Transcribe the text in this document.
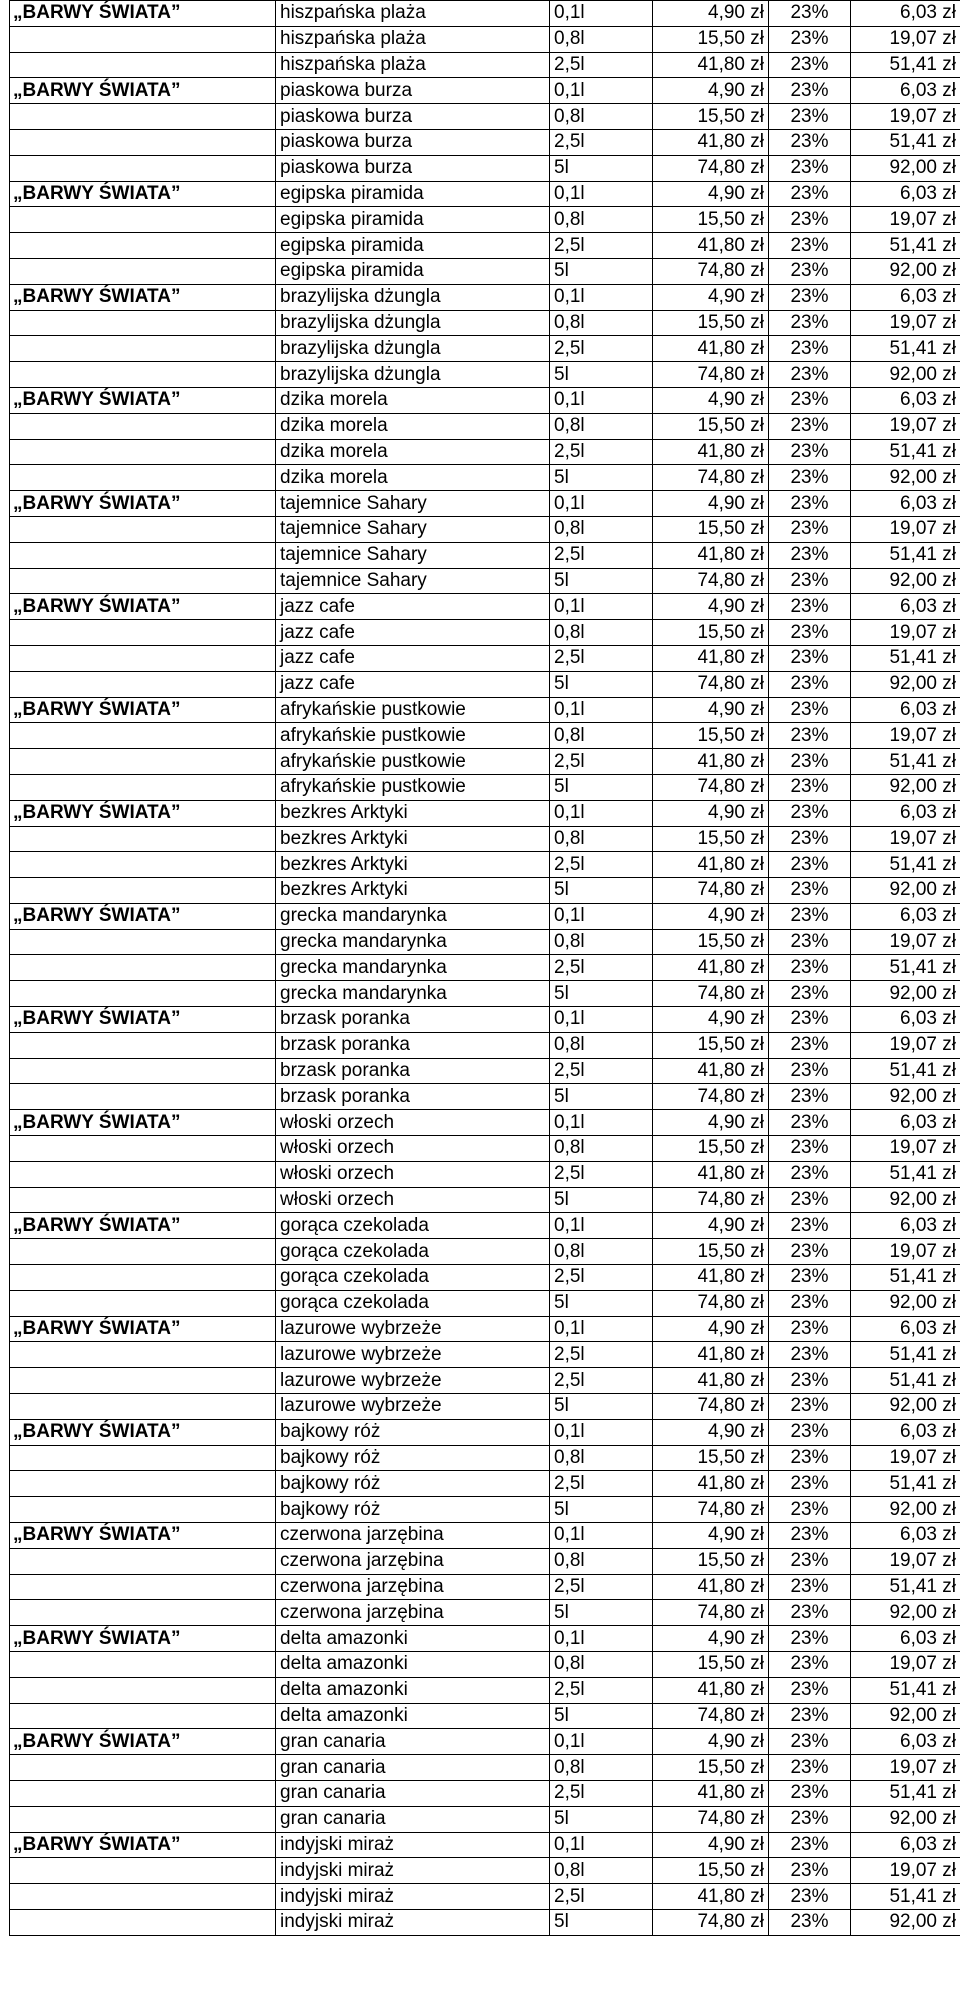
„BARWY ŚWIATA”	hiszpańska plaża	0,1l	4,90 zł	23%	6,03 zł
	hiszpańska plaża	0,8l	15,50 zł	23%	19,07 zł
	hiszpańska plaża	2,5l	41,80 zł	23%	51,41 zł
„BARWY ŚWIATA”	piaskowa burza	0,1l	4,90 zł	23%	6,03 zł
	piaskowa burza	0,8l	15,50 zł	23%	19,07 zł
	piaskowa burza	2,5l	41,80 zł	23%	51,41 zł
	piaskowa burza	5l	74,80 zł	23%	92,00 zł
„BARWY ŚWIATA”	egipska piramida	0,1l	4,90 zł	23%	6,03 zł
	egipska piramida	0,8l	15,50 zł	23%	19,07 zł
	egipska piramida	2,5l	41,80 zł	23%	51,41 zł
	egipska piramida	5l	74,80 zł	23%	92,00 zł
„BARWY ŚWIATA”	brazylijska dżungla	0,1l	4,90 zł	23%	6,03 zł
	brazylijska dżungla	0,8l	15,50 zł	23%	19,07 zł
	brazylijska dżungla	2,5l	41,80 zł	23%	51,41 zł
	brazylijska dżungla	5l	74,80 zł	23%	92,00 zł
„BARWY ŚWIATA”	dzika morela	0,1l	4,90 zł	23%	6,03 zł
	dzika morela	0,8l	15,50 zł	23%	19,07 zł
	dzika morela	2,5l	41,80 zł	23%	51,41 zł
	dzika morela	5l	74,80 zł	23%	92,00 zł
„BARWY ŚWIATA”	tajemnice Sahary	0,1l	4,90 zł	23%	6,03 zł
	tajemnice Sahary	0,8l	15,50 zł	23%	19,07 zł
	tajemnice Sahary	2,5l	41,80 zł	23%	51,41 zł
	tajemnice Sahary	5l	74,80 zł	23%	92,00 zł
„BARWY ŚWIATA”	jazz cafe	0,1l	4,90 zł	23%	6,03 zł
	jazz cafe	0,8l	15,50 zł	23%	19,07 zł
	jazz cafe	2,5l	41,80 zł	23%	51,41 zł
	jazz cafe	5l	74,80 zł	23%	92,00 zł
„BARWY ŚWIATA”	afrykańskie pustkowie	0,1l	4,90 zł	23%	6,03 zł
	afrykańskie pustkowie	0,8l	15,50 zł	23%	19,07 zł
	afrykańskie pustkowie	2,5l	41,80 zł	23%	51,41 zł
	afrykańskie pustkowie	5l	74,80 zł	23%	92,00 zł
„BARWY ŚWIATA”	bezkres Arktyki	0,1l	4,90 zł	23%	6,03 zł
	bezkres Arktyki	0,8l	15,50 zł	23%	19,07 zł
	bezkres Arktyki	2,5l	41,80 zł	23%	51,41 zł
	bezkres Arktyki	5l	74,80 zł	23%	92,00 zł
„BARWY ŚWIATA”	grecka mandarynka	0,1l	4,90 zł	23%	6,03 zł
	grecka mandarynka	0,8l	15,50 zł	23%	19,07 zł
	grecka mandarynka	2,5l	41,80 zł	23%	51,41 zł
	grecka mandarynka	5l	74,80 zł	23%	92,00 zł
„BARWY ŚWIATA”	brzask poranka	0,1l	4,90 zł	23%	6,03 zł
	brzask poranka	0,8l	15,50 zł	23%	19,07 zł
	brzask poranka	2,5l	41,80 zł	23%	51,41 zł
	brzask poranka	5l	74,80 zł	23%	92,00 zł
„BARWY ŚWIATA”	włoski orzech	0,1l	4,90 zł	23%	6,03 zł
	włoski orzech	0,8l	15,50 zł	23%	19,07 zł
	włoski orzech	2,5l	41,80 zł	23%	51,41 zł
	włoski orzech	5l	74,80 zł	23%	92,00 zł
„BARWY ŚWIATA”	gorąca czekolada	0,1l	4,90 zł	23%	6,03 zł
	gorąca czekolada	0,8l	15,50 zł	23%	19,07 zł
	gorąca czekolada	2,5l	41,80 zł	23%	51,41 zł
	gorąca czekolada	5l	74,80 zł	23%	92,00 zł
„BARWY ŚWIATA”	lazurowe wybrzeże	0,1l	4,90 zł	23%	6,03 zł
	lazurowe wybrzeże	2,5l	41,80 zł	23%	51,41 zł
	lazurowe wybrzeże	2,5l	41,80 zł	23%	51,41 zł
	lazurowe wybrzeże	5l	74,80 zł	23%	92,00 zł
„BARWY ŚWIATA”	bajkowy róż	0,1l	4,90 zł	23%	6,03 zł
	bajkowy róż	0,8l	15,50 zł	23%	19,07 zł
	bajkowy róż	2,5l	41,80 zł	23%	51,41 zł
	bajkowy róż	5l	74,80 zł	23%	92,00 zł
„BARWY ŚWIATA”	czerwona jarzębina	0,1l	4,90 zł	23%	6,03 zł
	czerwona jarzębina	0,8l	15,50 zł	23%	19,07 zł
	czerwona jarzębina	2,5l	41,80 zł	23%	51,41 zł
	czerwona jarzębina	5l	74,80 zł	23%	92,00 zł
„BARWY ŚWIATA”	delta amazonki	0,1l	4,90 zł	23%	6,03 zł
	delta amazonki	0,8l	15,50 zł	23%	19,07 zł
	delta amazonki	2,5l	41,80 zł	23%	51,41 zł
	delta amazonki	5l	74,80 zł	23%	92,00 zł
„BARWY ŚWIATA”	gran canaria	0,1l	4,90 zł	23%	6,03 zł
	gran canaria	0,8l	15,50 zł	23%	19,07 zł
	gran canaria	2,5l	41,80 zł	23%	51,41 zł
	gran canaria	5l	74,80 zł	23%	92,00 zł
„BARWY ŚWIATA”	indyjski miraż	0,1l	4,90 zł	23%	6,03 zł
	indyjski miraż	0,8l	15,50 zł	23%	19,07 zł
	indyjski miraż	2,5l	41,80 zł	23%	51,41 zł
	indyjski miraż	5l	74,80 zł	23%	92,00 zł
